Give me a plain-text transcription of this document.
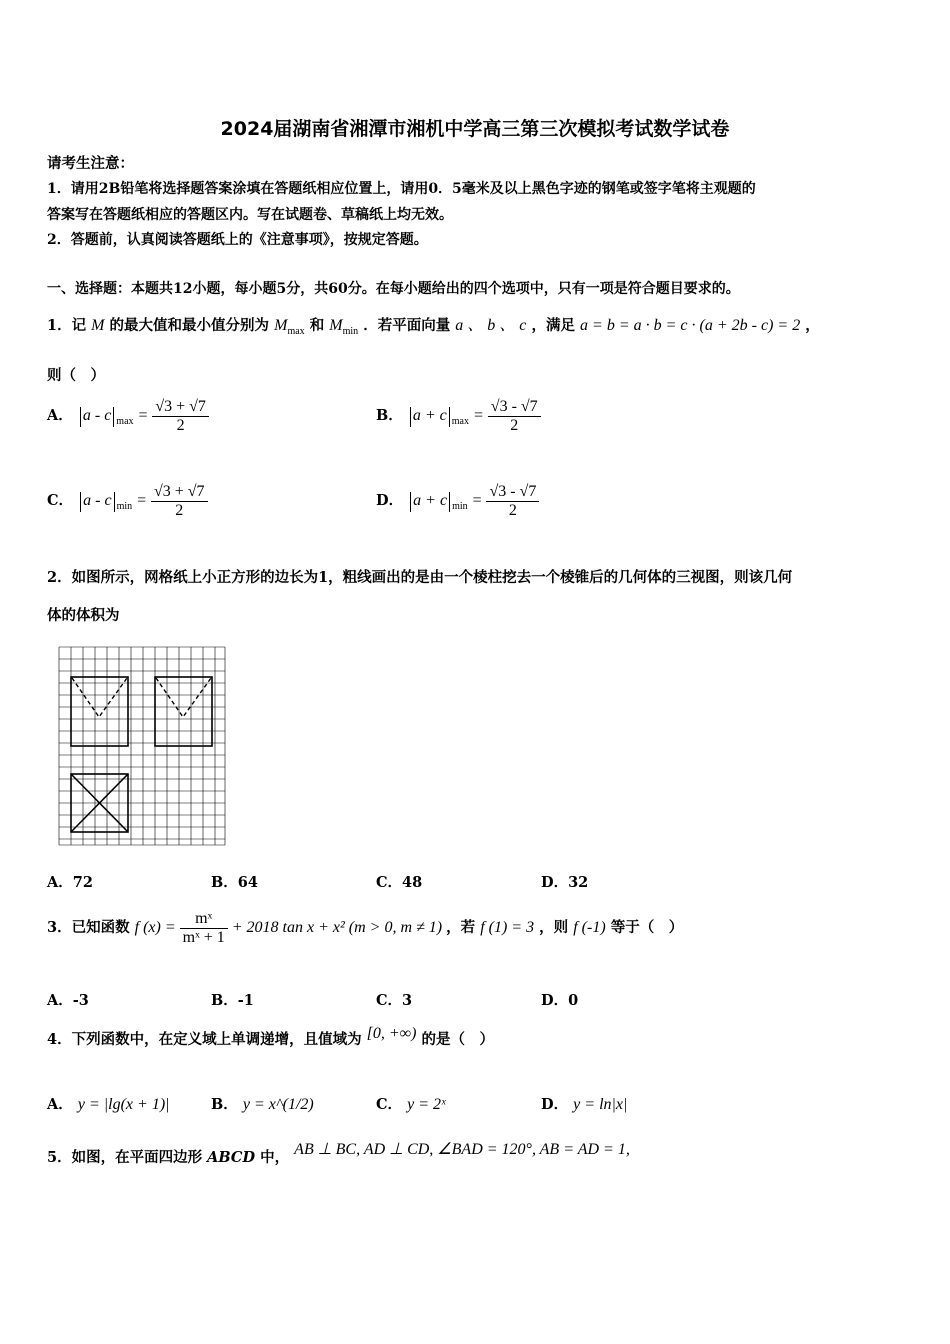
2024届湖南省湘潭市湘机中学高三第三次模拟考试数学试卷
请考生注意：
1．请用2B铅笔将选择题答案涂填在答题纸相应位置上，请用0．5毫米及以上黑色字迹的钢笔或签字笔将主观题的
答案写在答题纸相应的答题区内。写在试题卷、草稿纸上均无效。
2．答题前，认真阅读答题纸上的《注意事项》，按规定答题。
一、选择题：本题共12小题，每小题5分，共60分。在每小题给出的四个选项中，只有一项是符合题目要求的。
1．记 M 的最大值和最小值分别为 $M_{max}$ 和 $M_{min}$ ．若平面向量 a 、 b 、 c ，满足 a = b = a · b = c · (a + 2b - c) = 2 ，
则（　）
A． a - c $_{max} = \frac{√3 + √7}{2}$	B． a + c $_{max} = \frac{√3 - √7}{2}$
C． a - c $_{min} = \frac{√3 + √7}{2}$	D． a + c $_{min} = \frac{√3 - √7}{2}$
2．如图所示，网格纸上小正方形的边长为1，粗线画出的是由一个棱柱挖去一个棱锥后的几何体的三视图，则该几何
体的体积为
A．72	B．64	C．48	D．32
3．已知函数 f $(x) = \frac{\text{mˣ}}{\text{mˣ + 1}} + 2018$ tan x + x² (m > 0, m ≠ 1) ，若 f (1) = 3 ，则 f (-1) 等于（　）
A．-3	B．-1	C．3	D．0
4．下列函数中，在定义域上单调递增，且值域为 [0, +∞) 的是（　）
A． y = |lg(x + 1)|	B． y = x^(1/2)	C． y = 2ˣ	D． y = ln|x|
5．如图，在平面四边形 ABCD 中， AB ⊥ BC, AD ⊥ CD, ∠BAD = 120°, AB = AD = 1,
